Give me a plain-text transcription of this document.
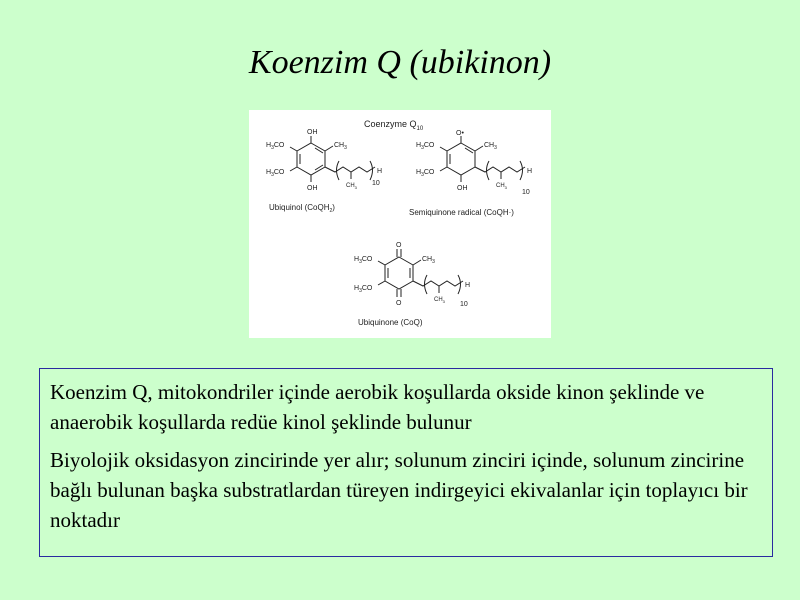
Koenzim Q (ubikinon)
Coenzyme $Q_{10}$
OH
OH
$CH_3$
$H_3CO$
$H_3CO$	H
$CH_3$
10
Ubiquinol (CoQH$_2$)
O•
OH
$CH_3$
$H_3CO$
$H_3CO$	H
$CH_3$
10
Semiquinone radical (CoQH·)
O
O
$CH_3$
$H_3CO$
$H_3CO$	H
$CH_3$ 10
Ubiquinone (CoQ)

Koenzim Q, mitokondriler içinde aerobik koşullarda okside kinon şeklinde ve anaerobik koşullarda redüe kinol şeklinde bulunur

Biyolojik oksidasyon zincirinde yer alır; solunum zinciri içinde, solunum zincirine bağlı bulunan başka substratlardan türeyen indirgeyici ekivalanlar için toplayıcı bir noktadır
